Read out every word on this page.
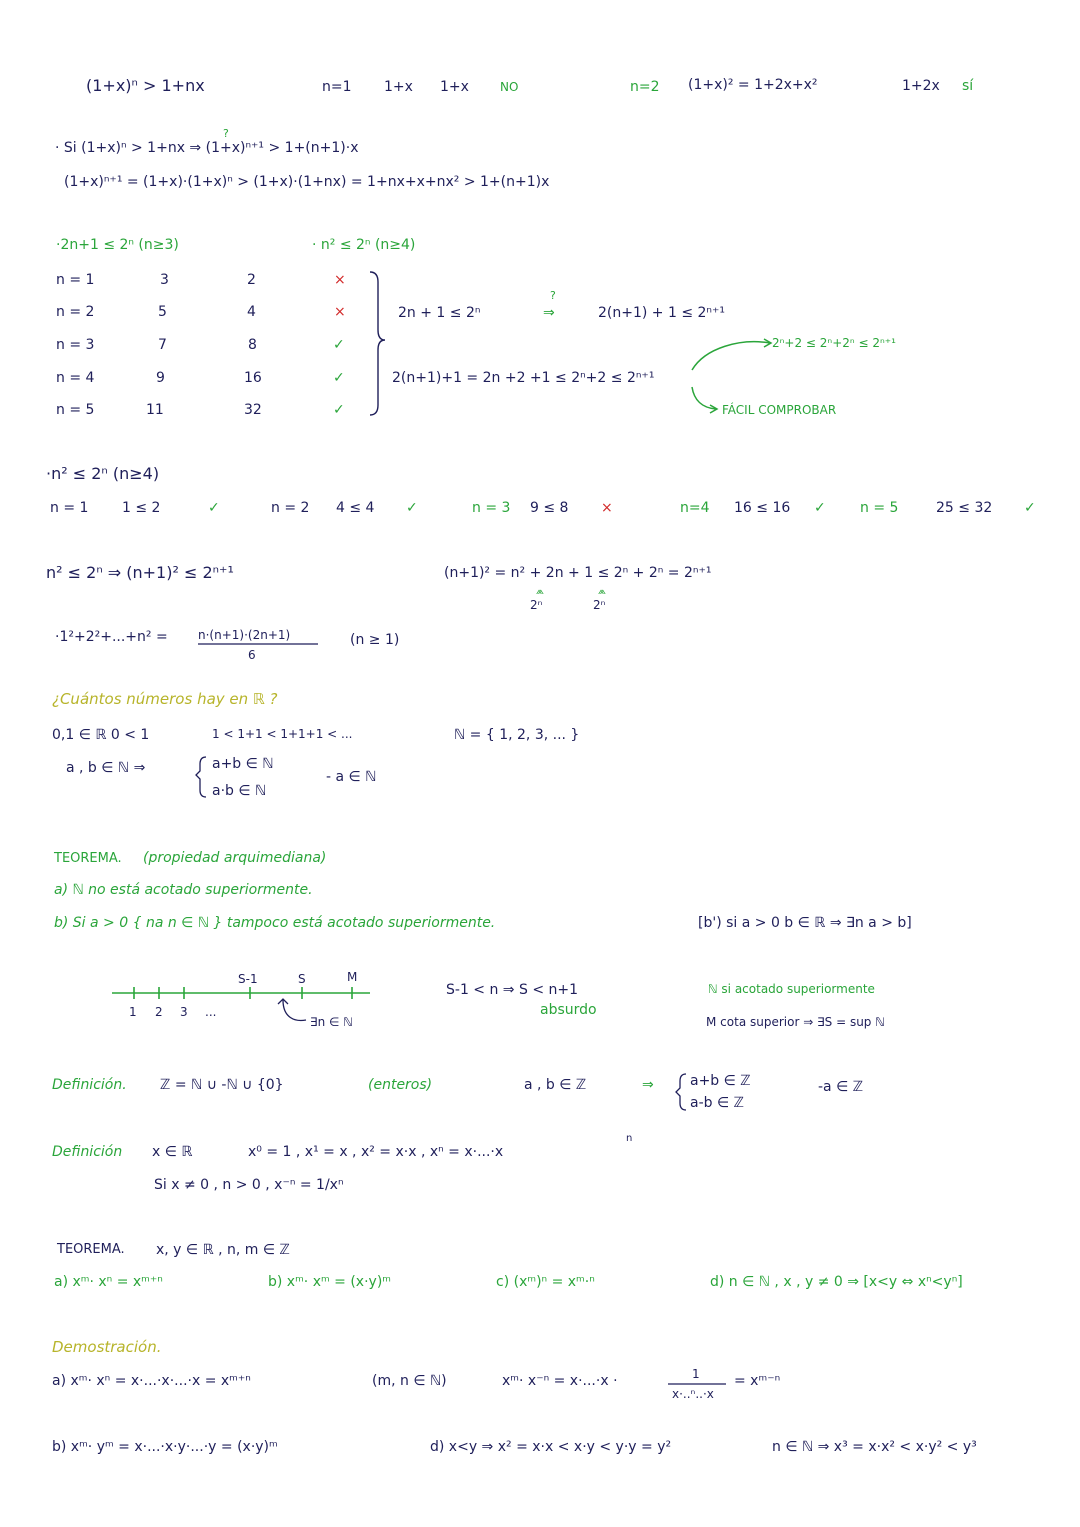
(1+x)ⁿ > 1+nx	n=1 1+x 1+x	NO	n=2 (1+x)² = 1+2x+x²	1+2x sí
?
· Si (1+x)ⁿ > 1+nx ⇒ (1+x)ⁿ⁺¹ > 1+(n+1)·x
(1+x)ⁿ⁺¹ = (1+x)·(1+x)ⁿ > (1+x)·(1+nx) = 1+nx+x+nx² > 1+(n+1)x
·2n+1 ≤ 2ⁿ (n≥3)	· n² ≤ 2ⁿ (n≥4)
n = 1	3	2	×
n = 2	5	4	×
n = 3	7	8	✓
n = 4	9	16	✓
n = 5	11	32	✓
2n + 1 ≤ 2ⁿ
?
⇒	2(n+1) + 1 ≤ 2ⁿ⁺¹
2ⁿ+2 ≤ 2ⁿ+2ⁿ ≤ 2ⁿ⁺¹
2(n+1)+1 = 2n +2 +1 ≤ 2ⁿ+2 ≤ 2ⁿ⁺¹
FÁCIL COMPROBAR
·n² ≤ 2ⁿ (n≥4)
n = 1 1 ≤ 2	✓	n = 2 4 ≤ 4 ✓	n = 3 9 ≤ 8 ×	n=4 16 ≤ 16 ✓ n = 5	25 ≤ 32 ✓
n² ≤ 2ⁿ ⇒ (n+1)² ≤ 2ⁿ⁺¹	(n+1)² = n² + 2n + 1 ≤ 2ⁿ + 2ⁿ = 2ⁿ⁺¹
⩕	⩕
2ⁿ	2ⁿ
·1²+2²+...+n² =	n·(n+1)·(2n+1)
6
(n ≥ 1)
¿Cuántos números hay en ℝ ?
0,1 ∈ ℝ 0 < 1	1 < 1+1 < 1+1+1 < ...	ℕ = { 1, 2, 3, ... }
a , b ∈ ℕ ⇒	a+b ∈ ℕ
a·b ∈ ℕ
- a ∈ ℕ
TEOREMA. (propiedad arquimediana)
a) ℕ no está acotado superiormente.
b) Si a > 0 { na n ∈ ℕ } tampoco está acotado superiormente.	[b') si a > 0 b ∈ ℝ ⇒ ∃n a > b]
1 2 3 ...
S-1	S	M
∃n ∈ ℕ
S-1 < n ⇒ S < n+1
absurdo
ℕ si acotado superiormente
M cota superior ⇒ ∃S = sup ℕ
Definición. ℤ = ℕ ∪ -ℕ ∪ {0}	(enteros)	a , b ∈ ℤ	⇒	a+b ∈ ℤ
a-b ∈ ℤ
-a ∈ ℤ
Definición x ∈ ℝ	x⁰ = 1 , x¹ = x , x² = x·x , xⁿ = x·...·x
n
Si x ≠ 0 , n > 0 , x⁻ⁿ = 1/xⁿ
TEOREMA. x, y ∈ ℝ , n, m ∈ ℤ
a) xᵐ· xⁿ = xᵐ⁺ⁿ	b) xᵐ· xᵐ = (x·y)ᵐ	c) (xᵐ)ⁿ = xᵐ·ⁿ	d) n ∈ ℕ , x , y ≠ 0 ⇒ [x<y ⇔ xⁿ<yⁿ]
Demostración.
a) xᵐ· xⁿ = x·...·x·...·x = xᵐ⁺ⁿ	(m, n ∈ ℕ)	xᵐ· x⁻ⁿ = x·...·x ·	1
x·..ⁿ..·x
= xᵐ⁻ⁿ
b) xᵐ· yᵐ = x·...·x·y·...·y = (x·y)ᵐ	d) x<y ⇒ x² = x·x < x·y < y·y = y²	n ∈ ℕ ⇒ x³ = x·x² < x·y² < y³
